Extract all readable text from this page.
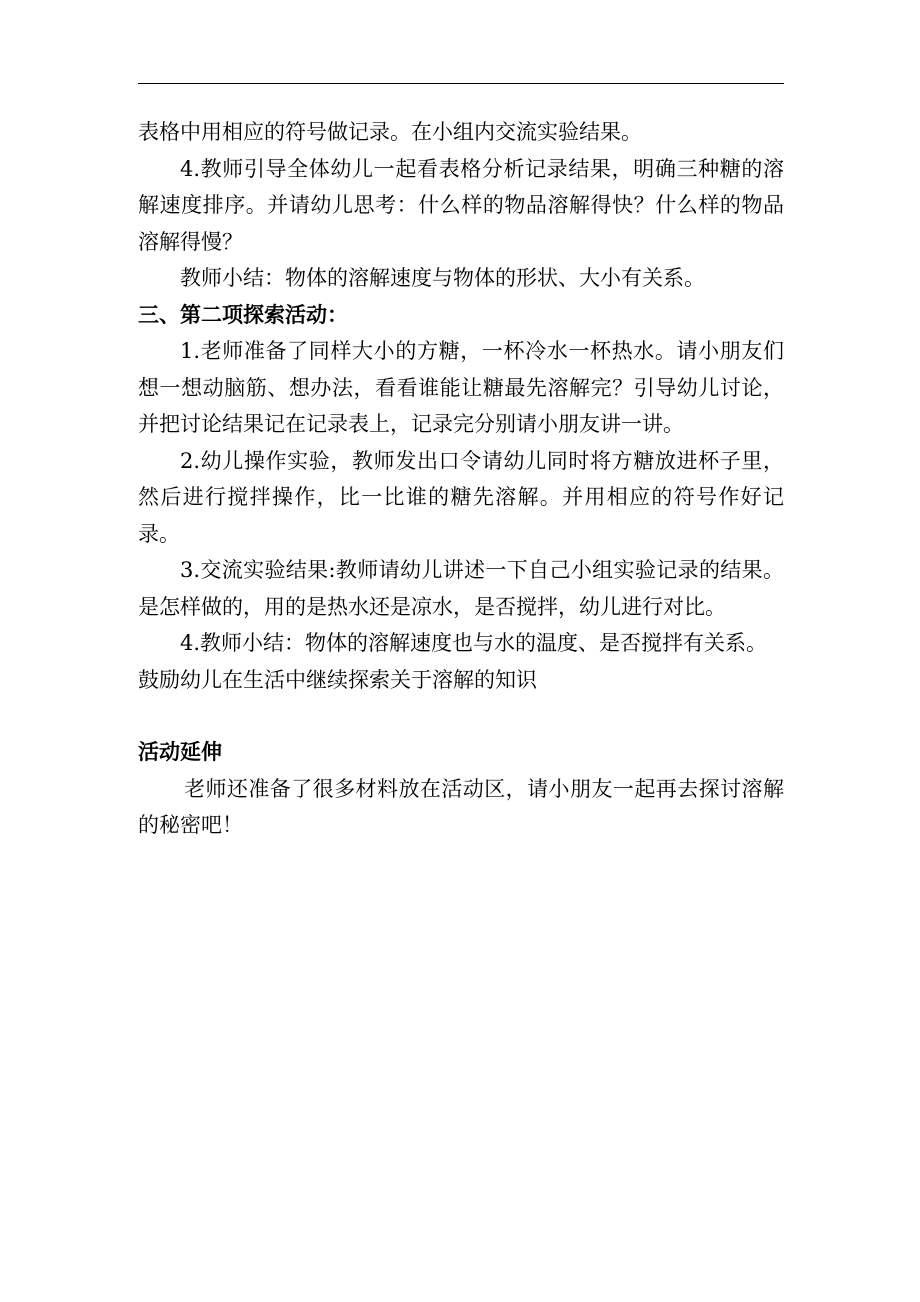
表格中用相应的符号做记录。在小组内交流实验结果。

4.教师引导全体幼儿一起看表格分析记录结果，明确三种糖的溶解速度排序。并请幼儿思考：什么样的物品溶解得快？什么样的物品溶解得慢？

教师小结：物体的溶解速度与物体的形状、大小有关系。

三、第二项探索活动：

1.老师准备了同样大小的方糖，一杯冷水一杯热水。请小朋友们想一想动脑筋、想办法，看看谁能让糖最先溶解完？引导幼儿讨论，并把讨论结果记在记录表上，记录完分别请小朋友讲一讲。

2.幼儿操作实验，教师发出口令请幼儿同时将方糖放进杯子里，然后进行搅拌操作，比一比谁的糖先溶解。并用相应的符号作好记录。

3.交流实验结果:教师请幼儿讲述一下自己小组实验记录的结果。是怎样做的，用的是热水还是凉水，是否搅拌，幼儿进行对比。

4.教师小结：物体的溶解速度也与水的温度、是否搅拌有关系。

鼓励幼儿在生活中继续探索关于溶解的知识

活动延伸

老师还准备了很多材料放在活动区，请小朋友一起再去探讨溶解的秘密吧！
